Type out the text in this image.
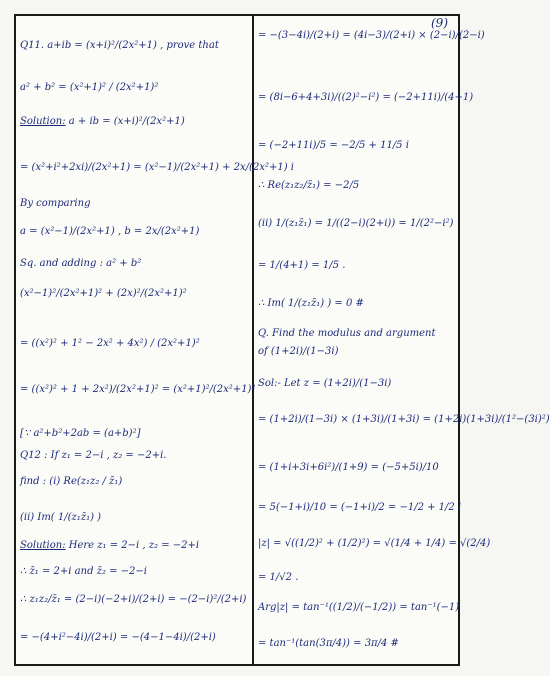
(9)
Q11. a+ib = (x+i)²/(2x²+1) , prove that
a² + b² = (x²+1)² / (2x²+1)²
Solution: a + ib = (x+i)²/(2x²+1)
= (x²+i²+2xi)/(2x²+1) = (x²−1)/(2x²+1) + 2x/(2x²+1) i
By comparing
a = (x²−1)/(2x²+1) , b = 2x/(2x²+1)
Sq. and adding : a² + b²
(x²−1)²/(2x²+1)² + (2x)²/(2x²+1)²
= ((x²)² + 1² − 2x² + 4x²) / (2x²+1)²
= ((x²)² + 1 + 2x²)/(2x²+1)² = (x²+1)²/(2x²+1)²
[∵ a²+b²+2ab = (a+b)²]
Q12 : If z₁ = 2−i , z₂ = −2+i.
find : (i) Re(z₁z₂ / z̄₁)
(ii) Im( 1/(z₁z̄₁) )
Solution: Here z₁ = 2−i , z₂ = −2+i
∴ z̄₁ = 2+i and z̄₂ = −2−i
∴ z₁z₂/z̄₁ = (2−i)(−2+i)/(2+i) = −(2−i)²/(2+i)
= −(4+i²−4i)/(2+i) = −(4−1−4i)/(2+i)
= −(3−4i)/(2+i) = (4i−3)/(2+i) × (2−i)/(2−i)
= (8i−6+4+3i)/((2)²−i²) = (−2+11i)/(4+1)
= (−2+11i)/5 = −2/5 + 11/5 i
∴ Re(z₁z₂/z̄₁) = −2/5
(ii) 1/(z₁z̄₁) = 1/((2−i)(2+i)) = 1/(2²−i²)
= 1/(4+1) = 1/5 .
∴ Im( 1/(z₁z̄₁) ) = 0 #
Q. Find the modulus and argument
of (1+2i)/(1−3i)
Sol:- Let z = (1+2i)/(1−3i)
= (1+2i)/(1−3i) × (1+3i)/(1+3i) = (1+2i)(1+3i)/(1²−(3i)²)
= (1+i+3i+6i²)/(1+9) = (−5+5i)/10
= 5(−1+i)/10 = (−1+i)/2 = −1/2 + 1/2 i
|z| = √((1/2)² + (1/2)²) = √(1/4 + 1/4) = √(2/4)
= 1/√2 .
Arg|z| = tan⁻¹((1/2)/(−1/2)) = tan⁻¹(−1)
= tan⁻¹(tan(3π/4)) = 3π/4 #
